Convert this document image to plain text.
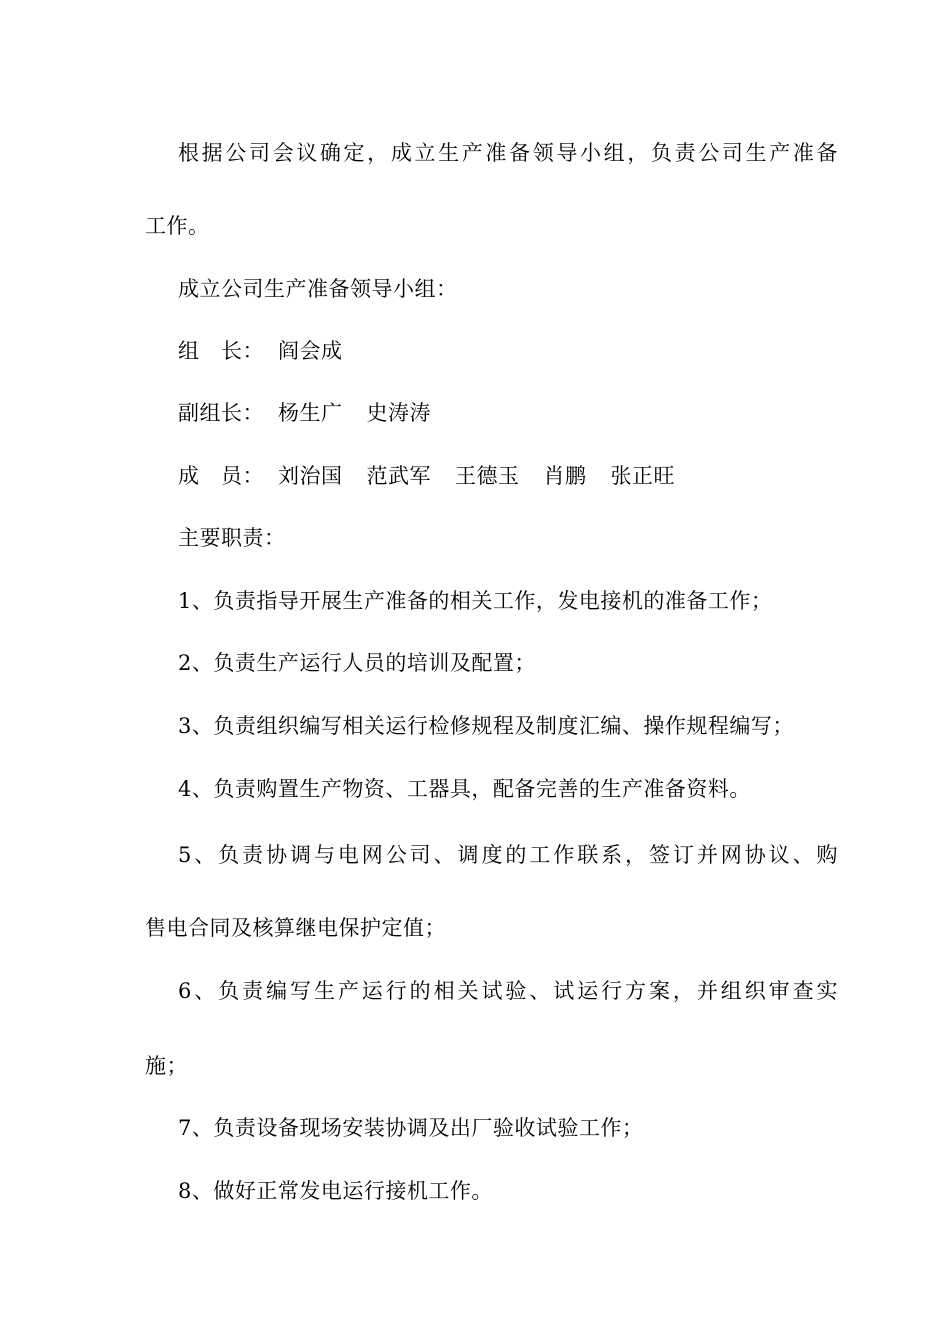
根据公司会议确定，成立生产准备领导小组，负责公司生产准备
工作。
成立公司生产准备领导小组：
组　长： 阎会成
副组长： 杨生广 史涛涛
成　员： 刘治国 范武军 王德玉 肖鹏 张正旺
主要职责：
1、负责指导开展生产准备的相关工作，发电接机的准备工作；
2、负责生产运行人员的培训及配置；
3、负责组织编写相关运行检修规程及制度汇编、操作规程编写；
4、负责购置生产物资、工器具，配备完善的生产准备资料。
5、负责协调与电网公司、调度的工作联系，签订并网协议、购
售电合同及核算继电保护定值；
6、负责编写生产运行的相关试验、试运行方案，并组织审查实
施；
7、负责设备现场安装协调及出厂验收试验工作；
8、做好正常发电运行接机工作。
